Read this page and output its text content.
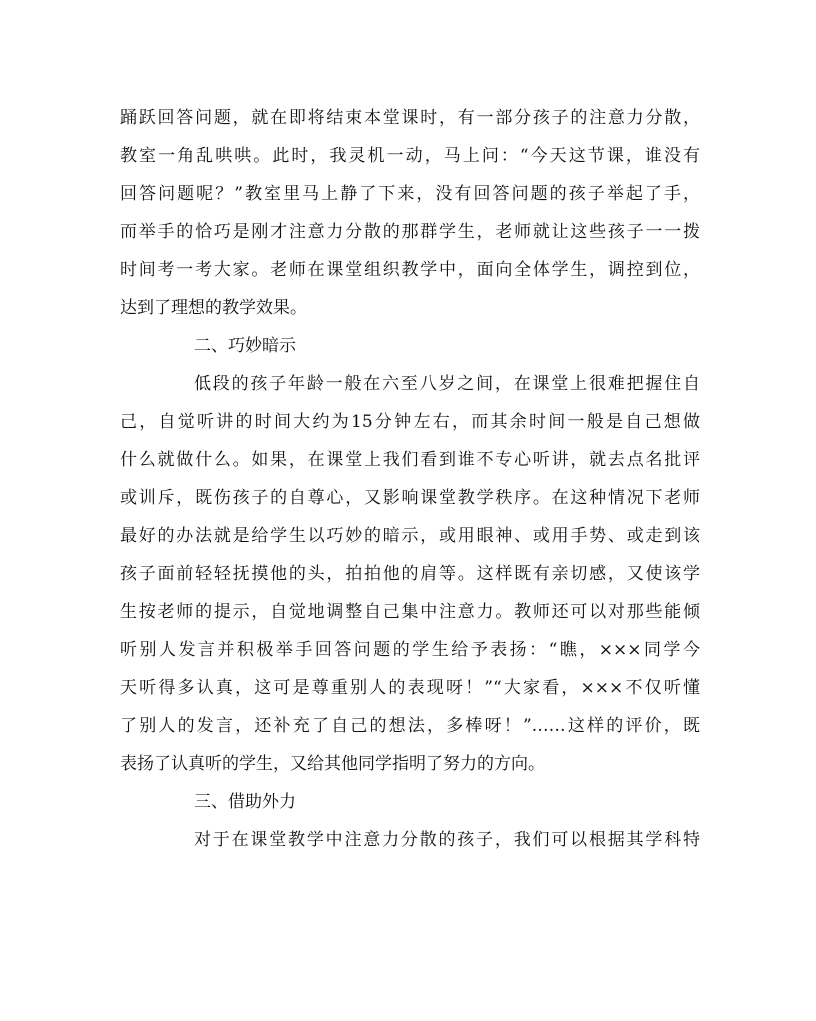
踊跃回答问题，就在即将结束本堂课时，有一部分孩子的注意力分散，
教室一角乱哄哄。此时，我灵机一动，马上问：“今天这节课，谁没有
回答问题呢？”教室里马上静了下来，没有回答问题的孩子举起了手，
而举手的恰巧是刚才注意力分散的那群学生，老师就让这些孩子一一拨
时间考一考大家。老师在课堂组织教学中，面向全体学生，调控到位，
达到了理想的教学效果。
二、巧妙暗示
低段的孩子年龄一般在六至八岁之间，在课堂上很难把握住自
己，自觉听讲的时间大约为15分钟左右，而其余时间一般是自己想做
什么就做什么。如果，在课堂上我们看到谁不专心听讲，就去点名批评
或训斥，既伤孩子的自尊心，又影响课堂教学秩序。在这种情况下老师
最好的办法就是给学生以巧妙的暗示，或用眼神、或用手势、或走到该
孩子面前轻轻抚摸他的头，拍拍他的肩等。这样既有亲切感，又使该学
生按老师的提示，自觉地调整自己集中注意力。教师还可以对那些能倾
听别人发言并积极举手回答问题的学生给予表扬：“瞧，×××同学今
天听得多认真，这可是尊重别人的表现呀！”“大家看，×××不仅听懂
了别人的发言，还补充了自己的想法，多棒呀！”……这样的评价，既
表扬了认真听的学生，又给其他同学指明了努力的方向。
三、借助外力
对于在课堂教学中注意力分散的孩子，我们可以根据其学科特
